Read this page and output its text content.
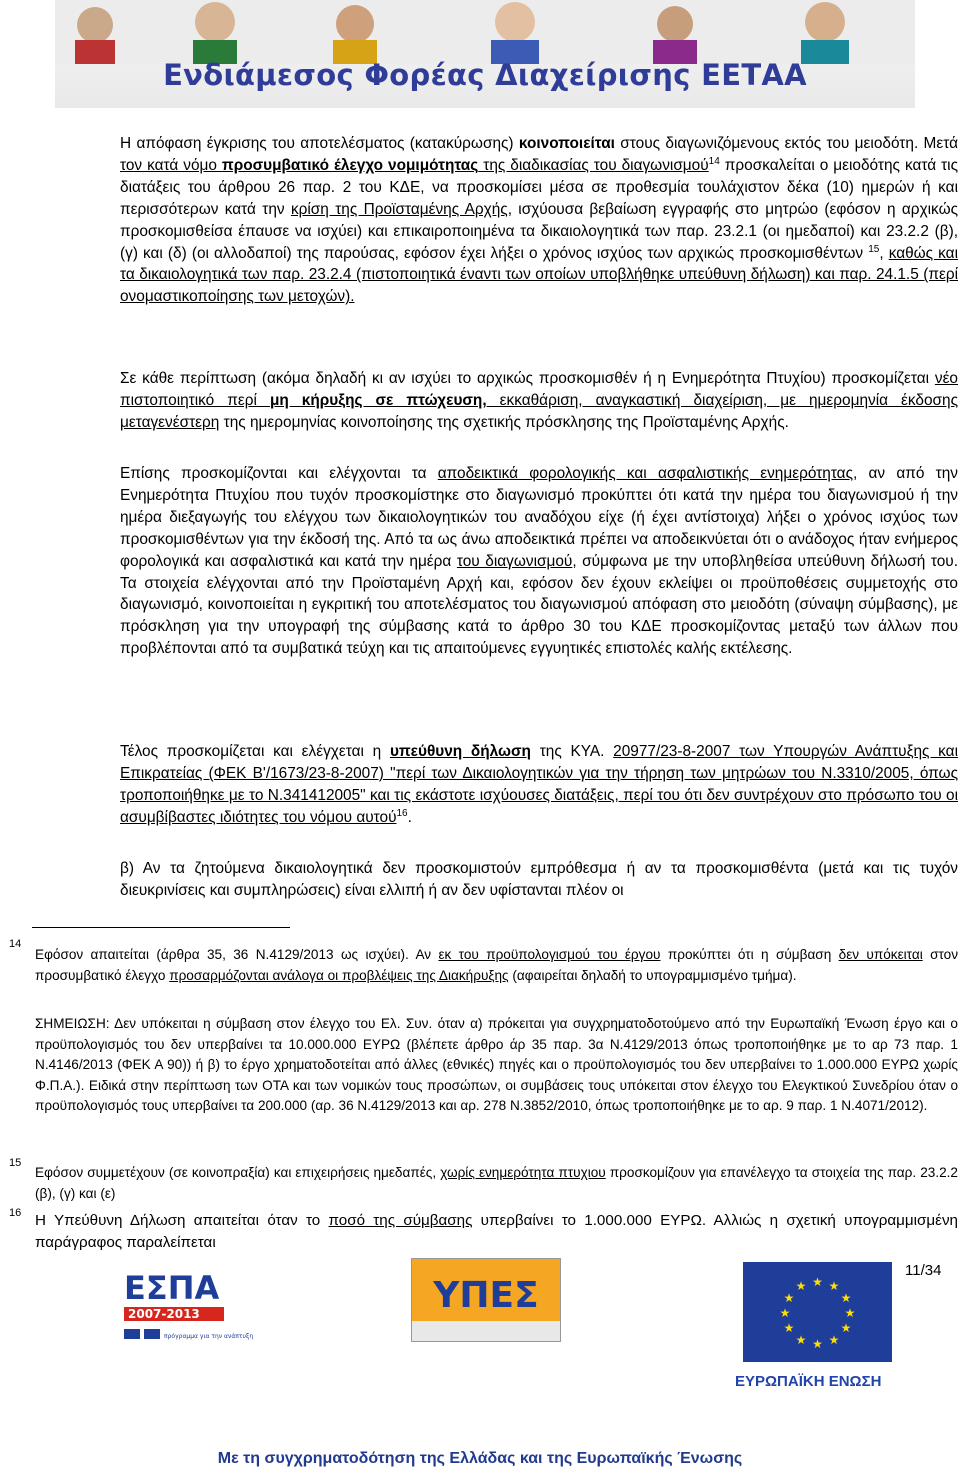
Ενδιάμεσος Φορέας Διαχείρισης ΕΕΤΑΑ

Η απόφαση έγκρισης του αποτελέσματος (κατακύρωσης) κοινοποιείται στους διαγωνιζόμενους εκτός του μειοδότη. Μετά τον κατά νόμο προσυμβατικό έλεγχο νομιμότητας της διαδικασίας του διαγωνισμού$^{14}$ προσκαλείται ο μειοδότης κατά τις διατάξεις του άρθρου 26 παρ. 2 του ΚΔΕ, να προσκομίσει μέσα σε προθεσμία τουλάχιστον δέκα (10) ημερών ή και περισσότερων κατά την κρίση της Προϊσταμένης Αρχής, ισχύουσα βεβαίωση εγγραφής στο μητρώο (εφόσον η αρχικώς προσκομισθείσα έπαυσε να ισχύει) και επικαιροποιημένα τα δικαιολογητικά των παρ. 23.2.1 (οι ημεδαποί) και 23.2.2 (β), (γ) και (δ) (οι αλλοδαποί) της παρούσας, εφόσον έχει λήξει ο χρόνος ισχύος των αρχικώς προσκομισθέντων $^{15}$, καθώς και τα δικαιολογητικά των παρ. 23.2.4 (πιστοποιητικά έναντι των οποίων υποβλήθηκε υπεύθυνη δήλωση) και παρ. 24.1.5 (περί ονομαστικοποίησης των μετοχών).

Σε κάθε περίπτωση (ακόμα δηλαδή κι αν ισχύει το αρχικώς προσκομισθέν ή η Ενημερότητα Πτυχίου) προσκομίζεται νέο πιστοποιητικό περί μη κήρυξης σε πτώχευση, εκκαθάριση, αναγκαστική διαχείριση, με ημερομηνία έκδοσης μεταγενέστερη της ημερομηνίας κοινοποίησης της σχετικής πρόσκλησης της Προϊσταμένης Αρχής.

Επίσης προσκομίζονται και ελέγχονται τα αποδεικτικά φορολογικής και ασφαλιστικής ενημερότητας, αν από την Ενημερότητα Πτυχίου που τυχόν προσκομίστηκε στο διαγωνισμό προκύπτει ότι κατά την ημέρα του διαγωνισμού ή την ημέρα διεξαγωγής του ελέγχου των δικαιολογητικών του αναδόχου είχε (ή έχει αντίστοιχα) λήξει ο χρόνος ισχύος των προσκομισθέντων για την έκδοσή της. Από τα ως άνω αποδεικτικά πρέπει να αποδεικνύεται ότι ο ανάδοχος ήταν ενήμερος φορολογικά και ασφαλιστικά και κατά την ημέρα του διαγωνισμού, σύμφωνα με την υποβληθείσα υπεύθυνη δήλωσή του. Τα στοιχεία ελέγχονται από την Προϊσταμένη Αρχή και, εφόσον δεν έχουν εκλείψει οι προϋποθέσεις συμμετοχής στο διαγωνισμό, κοινοποιείται η εγκριτική του αποτελέσματος του διαγωνισμού απόφαση στο μειοδότη (σύναψη σύμβασης), με πρόσκληση για την υπογραφή της σύμβασης κατά το άρθρο 30 του ΚΔΕ προσκομίζοντας μεταξύ των άλλων που προβλέπονται από τα συμβατικά τεύχη και τις απαιτούμενες εγγυητικές επιστολές καλής εκτέλεσης.

Τέλος προσκομίζεται και ελέγχεται η υπεύθυνη δήλωση της ΚΥΑ. 20977/23-8-2007 των Υπουργών Ανάπτυξης και Επικρατείας (ΦΕΚ Β'/1673/23-8-2007) "περί των Δικαιολογητικών για την τήρηση των μητρώων του Ν.3310/2005, όπως τροποποιήθηκε με το Ν.341412005" και τις εκάστοτε ισχύουσες διατάξεις, περί του ότι δεν συντρέχουν στο πρόσωπο του οι ασυμβίβαστες ιδιότητες του νόμου αυτού$^{16}$.

β) Αν τα ζητούμενα δικαιολογητικά δεν προσκομιστούν εμπρόθεσμα ή αν τα προσκομισθέντα (μετά και τις τυχόν διευκρινίσεις και συμπληρώσεις) είναι ελλιπή ή αν δεν υφίστανται πλέον οι

14
Εφόσον απαιτείται (άρθρα 35, 36 Ν.4129/2013 ως ισχύει). Αν εκ του προϋπολογισμού του έργου προκύπτει ότι η σύμβαση δεν υπόκειται στον προσυμβατικό έλεγχο προσαρμόζονται ανάλογα οι προβλέψεις της Διακήρυξης (αφαιρείται δηλαδή το υπογραμμισμένο τμήμα).
ΣΗΜΕΙΩΣΗ: Δεν υπόκειται η σύμβαση στον έλεγχο του Ελ. Συν. όταν α) πρόκειται για συγχρηματοδοτούμενο από την Ευρωπαϊκή Ένωση έργο και ο προϋπολογισμός του δεν υπερβαίνει τα 10.000.000 ΕΥΡΩ (βλέπετε άρθρο άρ 35 παρ. 3α Ν.4129/2013 όπως τροποποιήθηκε με το αρ 73 παρ. 1 Ν.4146/2013 (ΦΕΚ Α 90)) ή β) το έργο χρηματοδοτείται από άλλες (εθνικές) πηγές και ο προϋπολογισμός του δεν υπερβαίνει το 1.000.000 ΕΥΡΩ χωρίς Φ.Π.Α.). Ειδικά στην περίπτωση των ΟΤΑ και των νομικών τους προσώπων, οι συμβάσεις τους υπόκειται στον έλεγχο του Ελεγκτικού Συνεδρίου όταν ο προϋπολογισμός τους υπερβαίνει τα 200.000 (αρ. 36 Ν.4129/2013 και αρ. 278 Ν.3852/2010, όπως τροποποιήθηκε με το αρ. 9 παρ. 1 Ν.4071/2012).
15
Εφόσον συμμετέχουν (σε κοινοπραξία) και επιχειρήσεις ημεδαπές, χωρίς ενημερότητα πτυχιου προσκομίζουν για επανέλεγχο τα στοιχεία της παρ. 23.2.2 (β), (γ) και (ε)
16 Η Υπεύθυνη Δήλωση απαιτείται όταν το ποσό της σύμβασης υπερβαίνει το 1.000.000 ΕΥΡΩ. Αλλιώς η σχετική υπογραμμισμένη παράγραφος παραλείπεται
ΕΣΠΑ
2007-2013
πρόγραμμα για την ανάπτυξη
ΥΠΕΣ	★ ★
★
★
★
★
★
★
★
★
★
★
11/34
ΕΥΡΩΠΑΪΚΗ ΕΝΩΣΗ
Με τη συγχρηματοδότηση της Ελλάδας και της Ευρωπαϊκής Ένωσης
